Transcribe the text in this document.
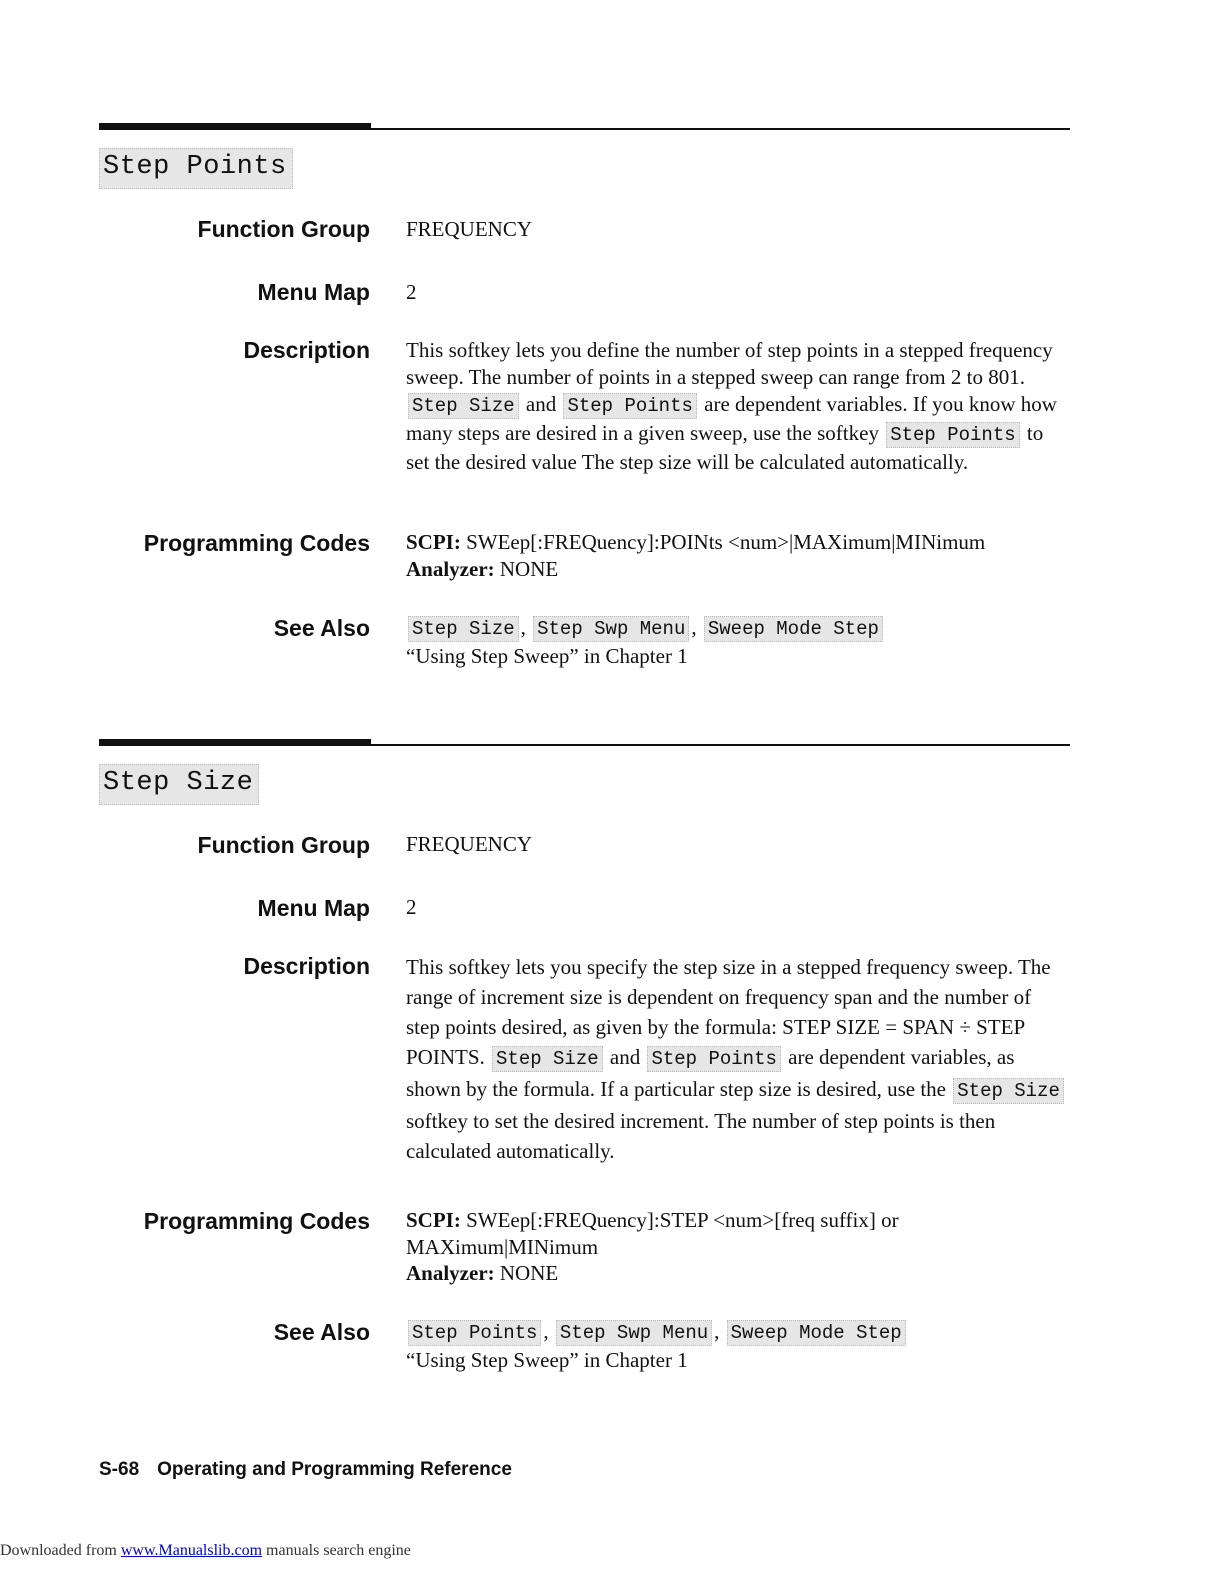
Step Points
Function Group FREQUENCY
Menu Map 2
Description This softkey lets you define the number of step points in a stepped frequency sweep. The number of points in a stepped sweep can range from 2 to 801. Step Size and Step Points are dependent variables. If you know how many steps are desired in a given sweep, use the softkey Step Points to set the desired value The step size will be calculated automatically.

Programming Codes SCPI: SWEep[:FREQuency]:POINts <num>|MAXimum|MINimum
Analyzer: NONE
See Also	Step Size , Step Swp Menu , Sweep Mode Step
“Using Step Sweep” in Chapter 1
Step Size
Function Group FREQUENCY
Menu Map 2
Description This softkey lets you specify the step size in a stepped frequency sweep. The range of increment size is dependent on frequency span and the number of step points desired, as given by the formula: STEP SIZE = SPAN ÷ STEP POINTS. Step Size and Step Points are dependent variables, as shown by the formula. If a particular step size is desired, use the Step Size softkey to set the desired increment. The number of step points is then calculated automatically.

Programming Codes SCPI: SWEep[:FREQuency]:STEP <num>[freq suffix] or MAXimum|MINimum
Analyzer: NONE
See Also	Step Points , Step Swp Menu , Sweep Mode Step
“Using Step Sweep” in Chapter 1
S-68 Operating and Programming Reference
Downloaded from www.Manualslib.com manuals search engine
